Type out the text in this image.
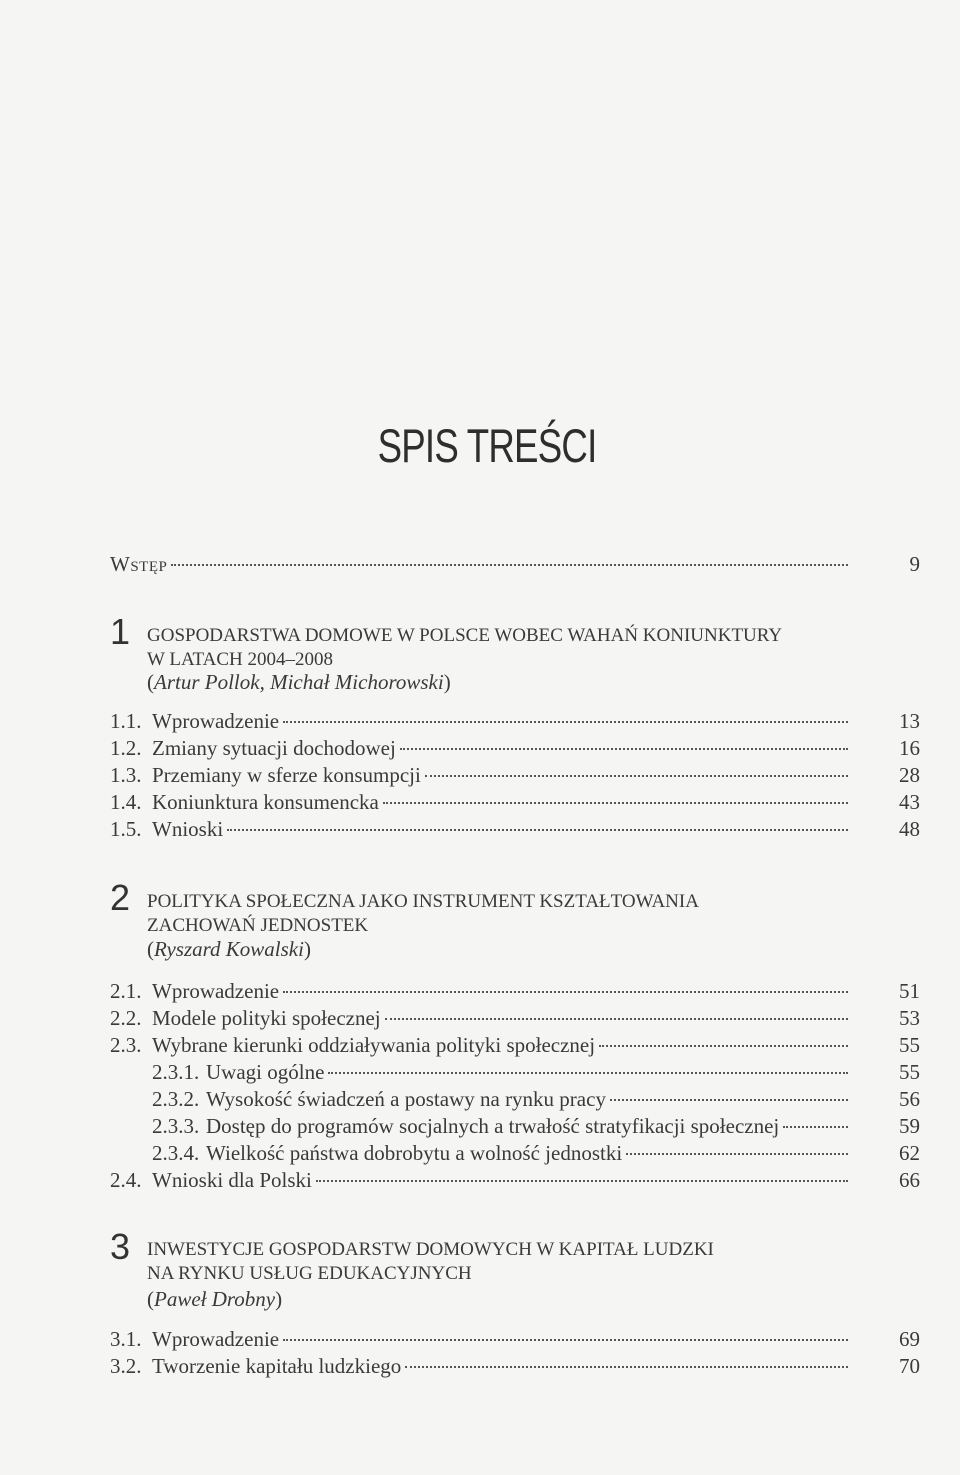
SPIS TREŚCI
Wstęp	9
1 GOSPODARSTWA DOMOWE W POLSCE WOBEC WAHAŃ KONIUNKTURY
W LATACH 2004–2008
(Artur Pollok, Michał Michorowski)
1.1. Wprowadzenie	13
1.2. Zmiany sytuacji dochodowej	16
1.3. Przemiany w sferze konsumpcji	28
1.4. Koniunktura konsumencka	43
1.5. Wnioski	48
2 POLITYKA SPOŁECZNA JAKO INSTRUMENT KSZTAŁTOWANIA
ZACHOWAŃ JEDNOSTEK
(Ryszard Kowalski)
2.1. Wprowadzenie	51
2.2. Modele polityki społecznej	53
2.3. Wybrane kierunki oddziaływania polityki społecznej	55
2.3.1. Uwagi ogólne	55
2.3.2. Wysokość świadczeń a postawy na rynku pracy	56
2.3.3. Dostęp do programów socjalnych a trwałość stratyfikacji społecznej	59
2.3.4. Wielkość państwa dobrobytu a wolność jednostki	62
2.4. Wnioski dla Polski	66
3 INWESTYCJE GOSPODARSTW DOMOWYCH W KAPITAŁ LUDZKI
NA RYNKU USŁUG EDUKACYJNYCH
(Paweł Drobny)
3.1. Wprowadzenie	69
3.2. Tworzenie kapitału ludzkiego	70
